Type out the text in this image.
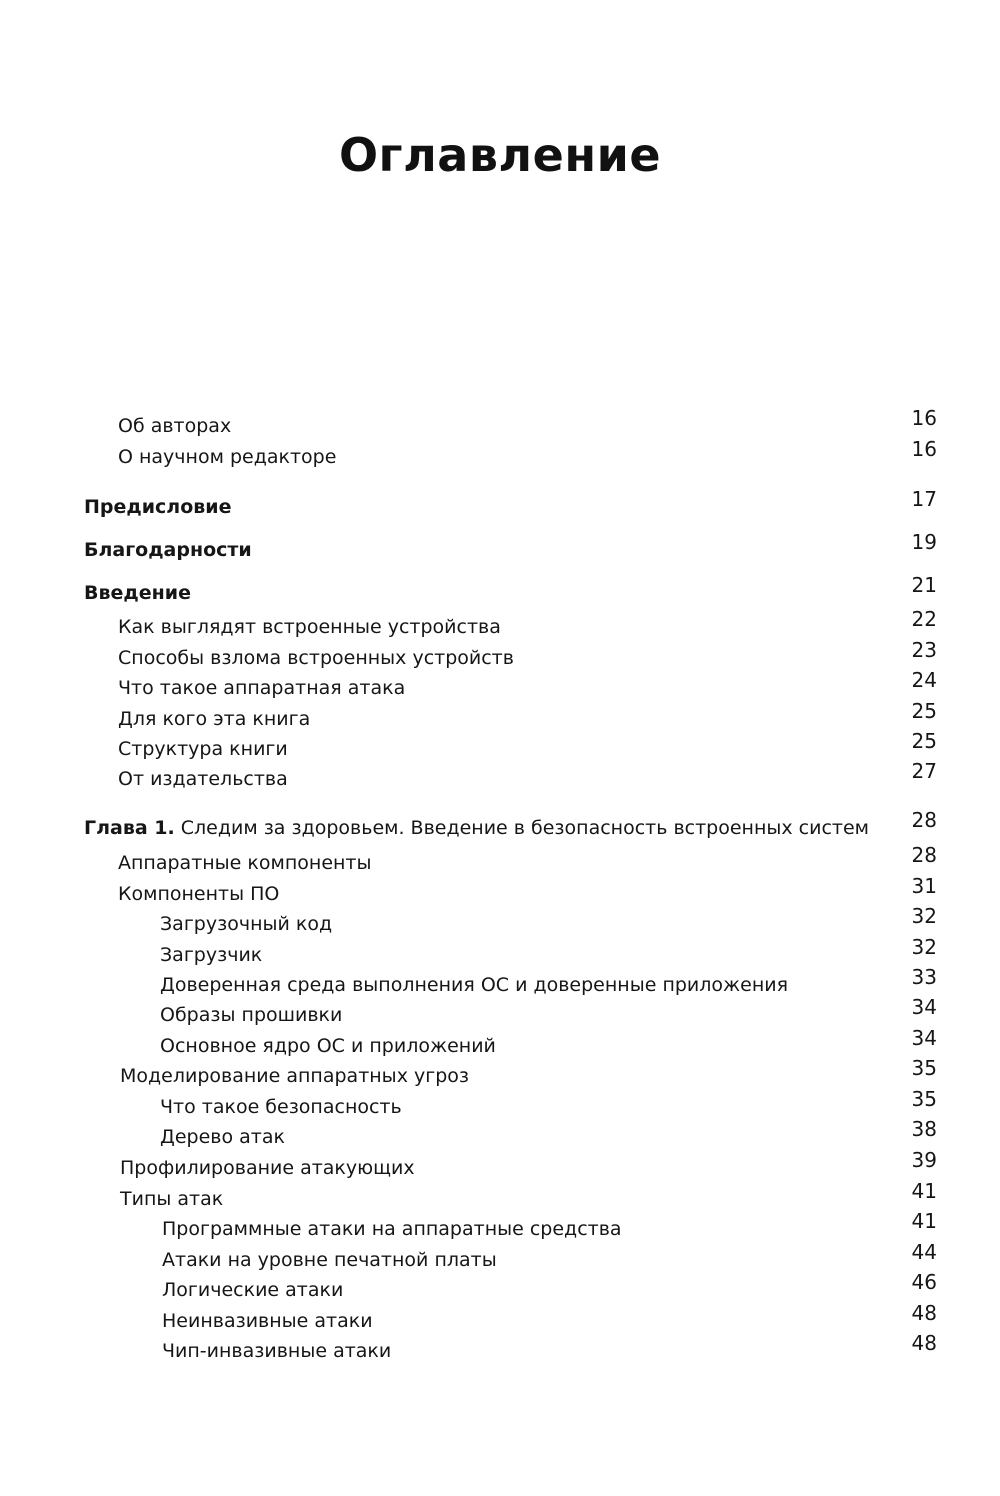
Оглавление
Об авторах	16
О научном редакторе	16
Предисловие	17
Благодарности	19
Введение	21
Как выглядят встроенные устройства	22
Способы взлома встроенных устройств	23
Что такое аппаратная атака	24
Для кого эта книга	25
Структура книги	25
От издательства	27
Глава 1. Следим за здоровьем. Введение в безопасность встроенных систем	28
Аппаратные компоненты	28
Компоненты ПО	31
Загрузочный код	32
Загрузчик	32
Доверенная среда выполнения ОС и доверенные приложения	33
Образы прошивки	34
Основное ядро ОС и приложений	34
Моделирование аппаратных угроз	35
Что такое безопасность	35
Дерево атак	38
Профилирование атакующих	39
Типы атак	41
Программные атаки на аппаратные средства	41
Атаки на уровне печатной платы	44
Логические атаки	46
Неинвазивные атаки	48
Чип-инвазивные атаки	48
